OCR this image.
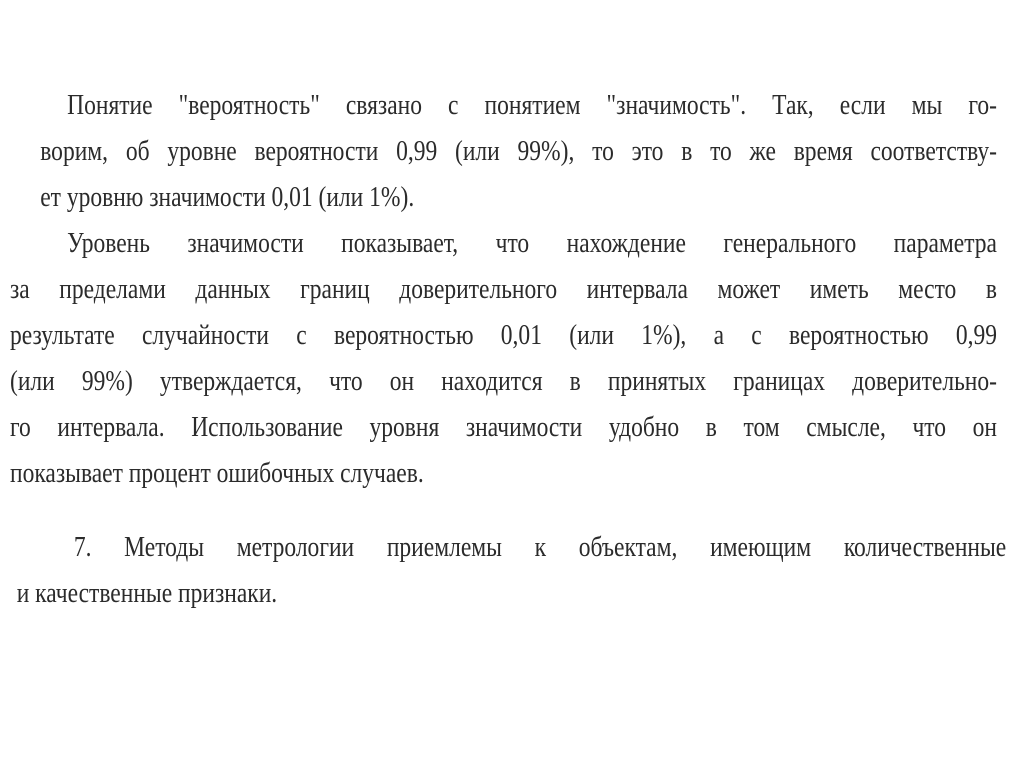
Понятие "вероятность" связано с понятием "значимость". Так, если мы го-
ворим, об уровне вероятности 0,99 (или 99%), то это в то же время соответству-
ет уровню значимости 0,01 (или 1%).
Уровень значимости показывает, что нахождение генерального параметра
за пределами данных границ доверительного интервала может иметь место в
результате случайности с вероятностью 0,01 (или 1%), а с вероятностью 0,99
(или 99%) утверждается, что он находится в принятых границах доверительно-
го интервала. Использование уровня значимости удобно в том смысле, что он
показывает процент ошибочных случаев.
7. Методы метрологии приемлемы к объектам, имеющим количественные
и качественные признаки.
